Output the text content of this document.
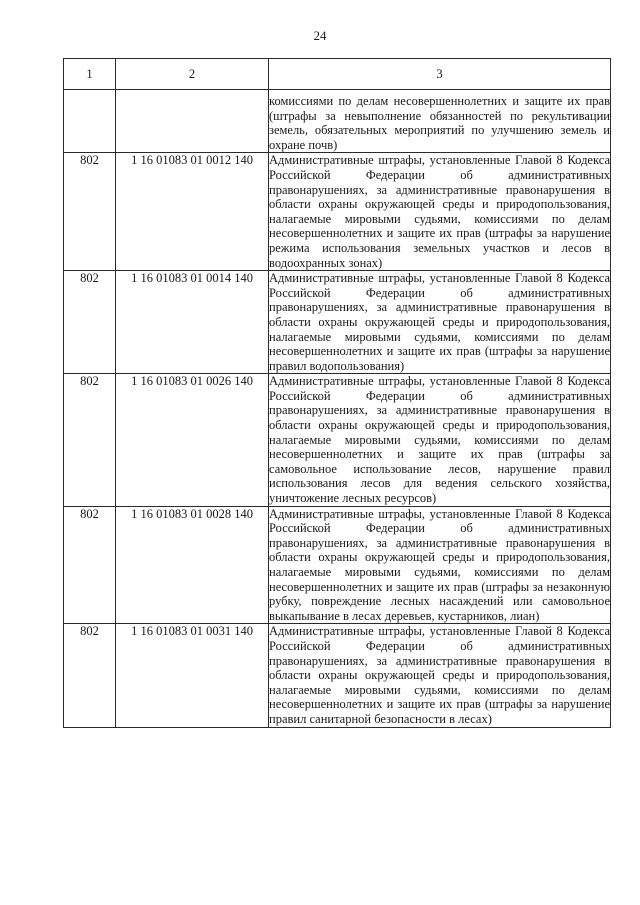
24
1	2	3
		комиссиями по делам несовершеннолетних и защите их прав (штрафы за невыполнение обязанностей по рекультивации земель, обязательных мероприятий по улучшению земель и охране почв)
802	1 16 01083 01 0012 140	Административные штрафы, установленные Главой 8 Кодекса Российской Федерации об административных правонарушениях, за административные правонарушения в области охраны окружающей среды и природопользования, налагаемые мировыми судьями, комиссиями по делам несовершеннолетних и защите их прав (штрафы за нарушение режима использования земельных участков и лесов в водоохранных зонах)
802	1 16 01083 01 0014 140	Административные штрафы, установленные Главой 8 Кодекса Российской Федерации об административных правонарушениях, за административные правонарушения в области охраны окружающей среды и природопользования, налагаемые мировыми судьями, комиссиями по делам несовершеннолетних и защите их прав (штрафы за нарушение правил водопользования)
802	1 16 01083 01 0026 140	Административные штрафы, установленные Главой 8 Кодекса Российской Федерации об административных правонарушениях, за административные правонарушения в области охраны окружающей среды и природопользования, налагаемые мировыми судьями, комиссиями по делам несовершеннолетних и защите их прав (штрафы за самовольное использование лесов, нарушение правил использования лесов для ведения сельского хозяйства, уничтожение лесных ресурсов)
802	1 16 01083 01 0028 140	Административные штрафы, установленные Главой 8 Кодекса Российской Федерации об административных правонарушениях, за административные правонарушения в области охраны окружающей среды и природопользования, налагаемые мировыми судьями, комиссиями по делам несовершеннолетних и защите их прав (штрафы за незаконную рубку, повреждение лесных насаждений или самовольное выкапывание в лесах деревьев, кустарников, лиан)
802	1 16 01083 01 0031 140	Административные штрафы, установленные Главой 8 Кодекса Российской Федерации об административных правонарушениях, за административные правонарушения в области охраны окружающей среды и природопользования, налагаемые мировыми судьями, комиссиями по делам несовершеннолетних и защите их прав (штрафы за нарушение правил санитарной безопасности в лесах)
